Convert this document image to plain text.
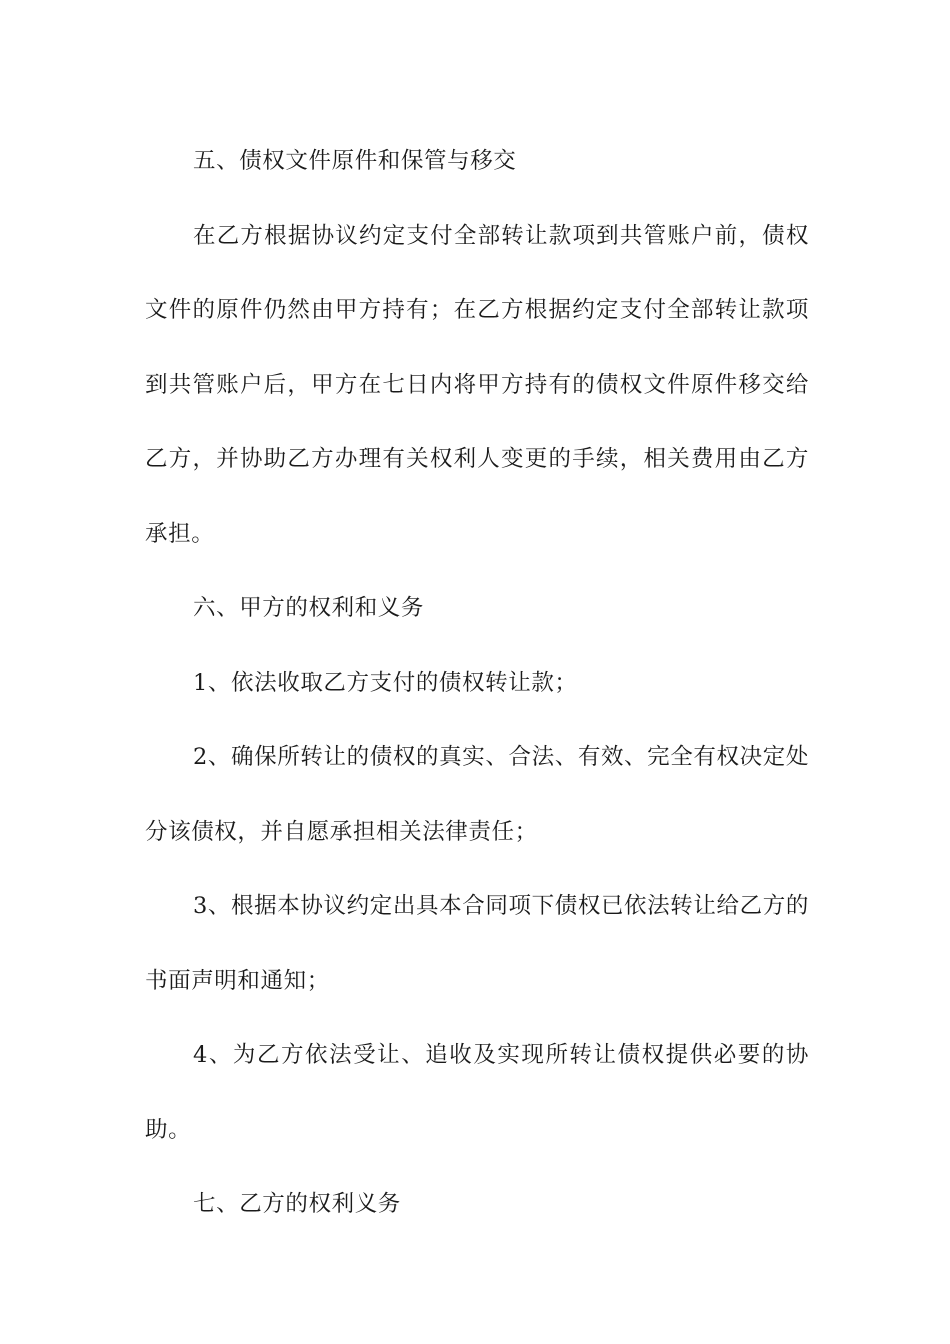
五、债权文件原件和保管与移交

在乙方根据协议约定支付全部转让款项到共管账户前，债权文件的原件仍然由甲方持有；在乙方根据约定支付全部转让款项到共管账户后，甲方在七日内将甲方持有的债权文件原件移交给乙方，并协助乙方办理有关权利人变更的手续，相关费用由乙方承担。

六、甲方的权利和义务

1、依法收取乙方支付的债权转让款；

2、确保所转让的债权的真实、合法、有效、完全有权决定处分该债权，并自愿承担相关法律责任；

3、根据本协议约定出具本合同项下债权已依法转让给乙方的书面声明和通知；

4、为乙方依法受让、追收及实现所转让债权提供必要的协助。

七、乙方的权利义务
